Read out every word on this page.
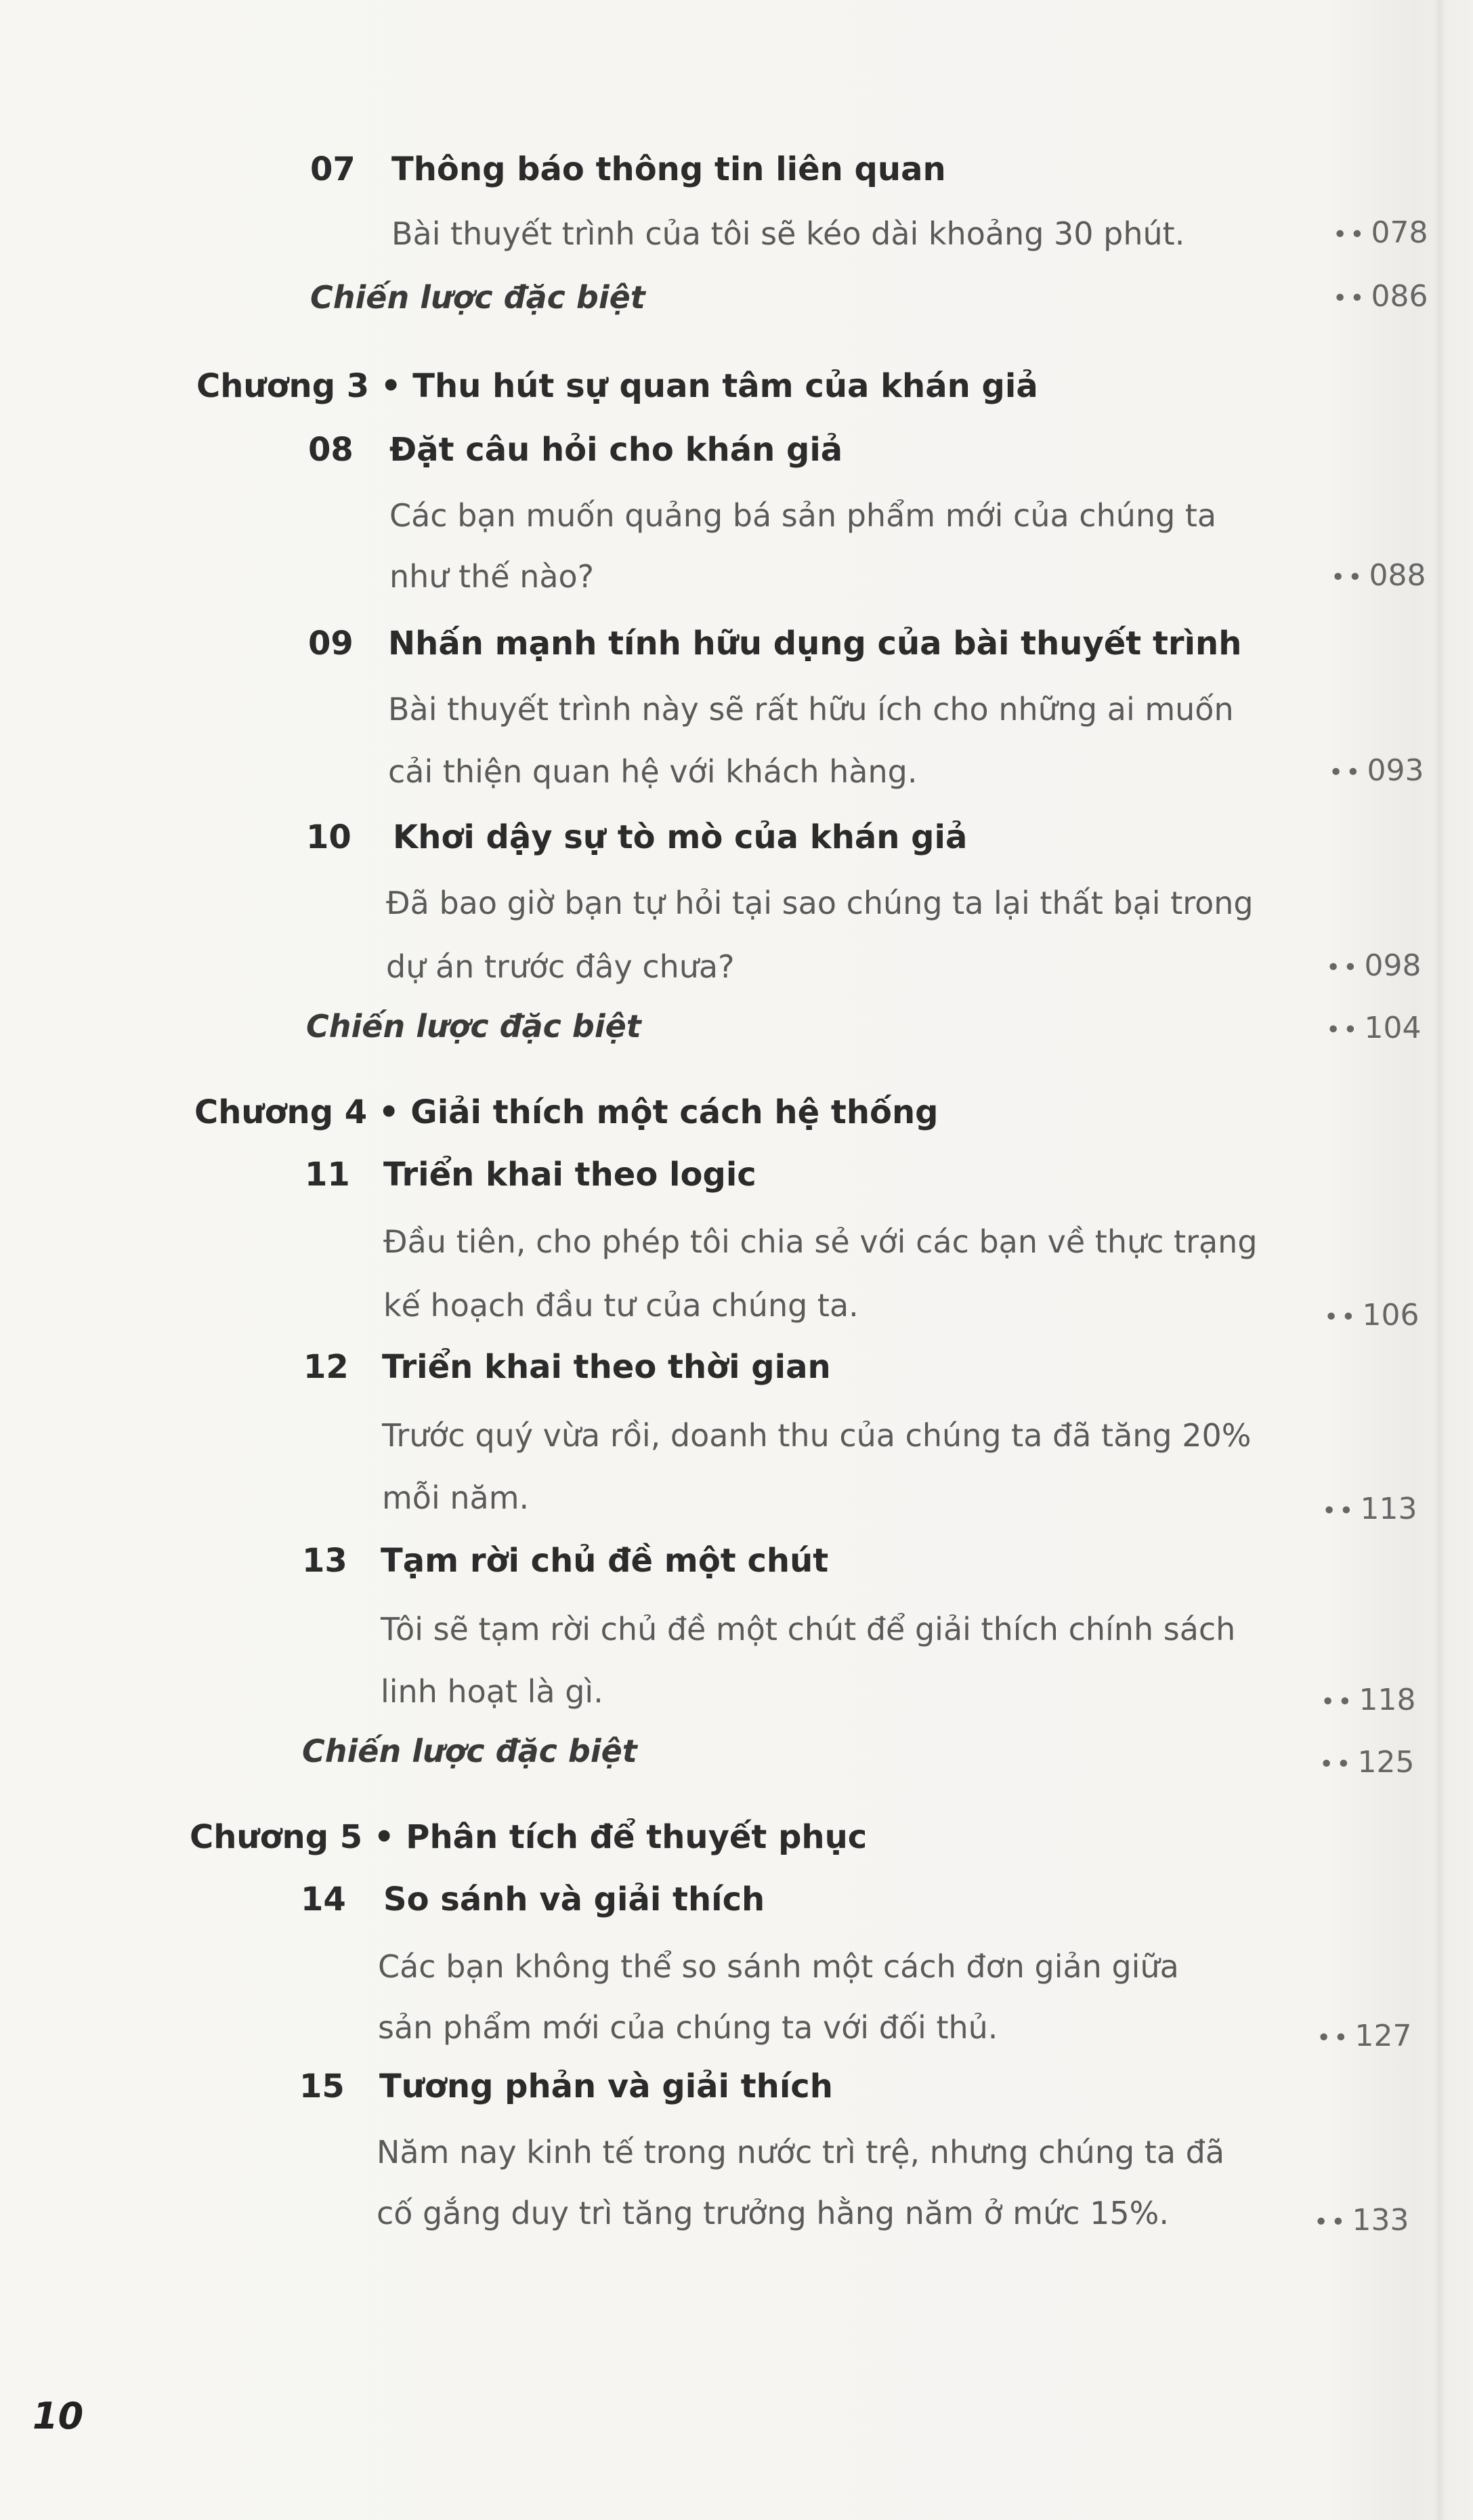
07 Thông báo thông tin liên quan
Bài thuyết trình của tôi sẽ kéo dài khoảng 30 phút.	•• 078
Chiến lược đặc biệt	•• 086
Chương 3 • Thu hút sự quan tâm của khán giả
08 Đặt câu hỏi cho khán giả
Các bạn muốn quảng bá sản phẩm mới của chúng ta
như thế nào?	•• 088
09 Nhấn mạnh tính hữu dụng của bài thuyết trình
Bài thuyết trình này sẽ rất hữu ích cho những ai muốn
cải thiện quan hệ với khách hàng.	•• 093
10 Khơi dậy sự tò mò của khán giả
Đã bao giờ bạn tự hỏi tại sao chúng ta lại thất bại trong
dự án trước đây chưa?	•• 098
Chiến lược đặc biệt	•• 104
Chương 4 • Giải thích một cách hệ thống
11 Triển khai theo logic
Đầu tiên, cho phép tôi chia sẻ với các bạn về thực trạng
kế hoạch đầu tư của chúng ta.	•• 106
12 Triển khai theo thời gian
Trước quý vừa rồi, doanh thu của chúng ta đã tăng 20%
mỗi năm.	•• 113
13 Tạm rời chủ đề một chút
Tôi sẽ tạm rời chủ đề một chút để giải thích chính sách
linh hoạt là gì.	•• 118
Chiến lược đặc biệt	•• 125
Chương 5 • Phân tích để thuyết phục
14 So sánh và giải thích
Các bạn không thể so sánh một cách đơn giản giữa
sản phẩm mới của chúng ta với đối thủ.	•• 127
15 Tương phản và giải thích
Năm nay kinh tế trong nước trì trệ, nhưng chúng ta đã
cố gắng duy trì tăng trưởng hằng năm ở mức 15%.	•• 133
10
